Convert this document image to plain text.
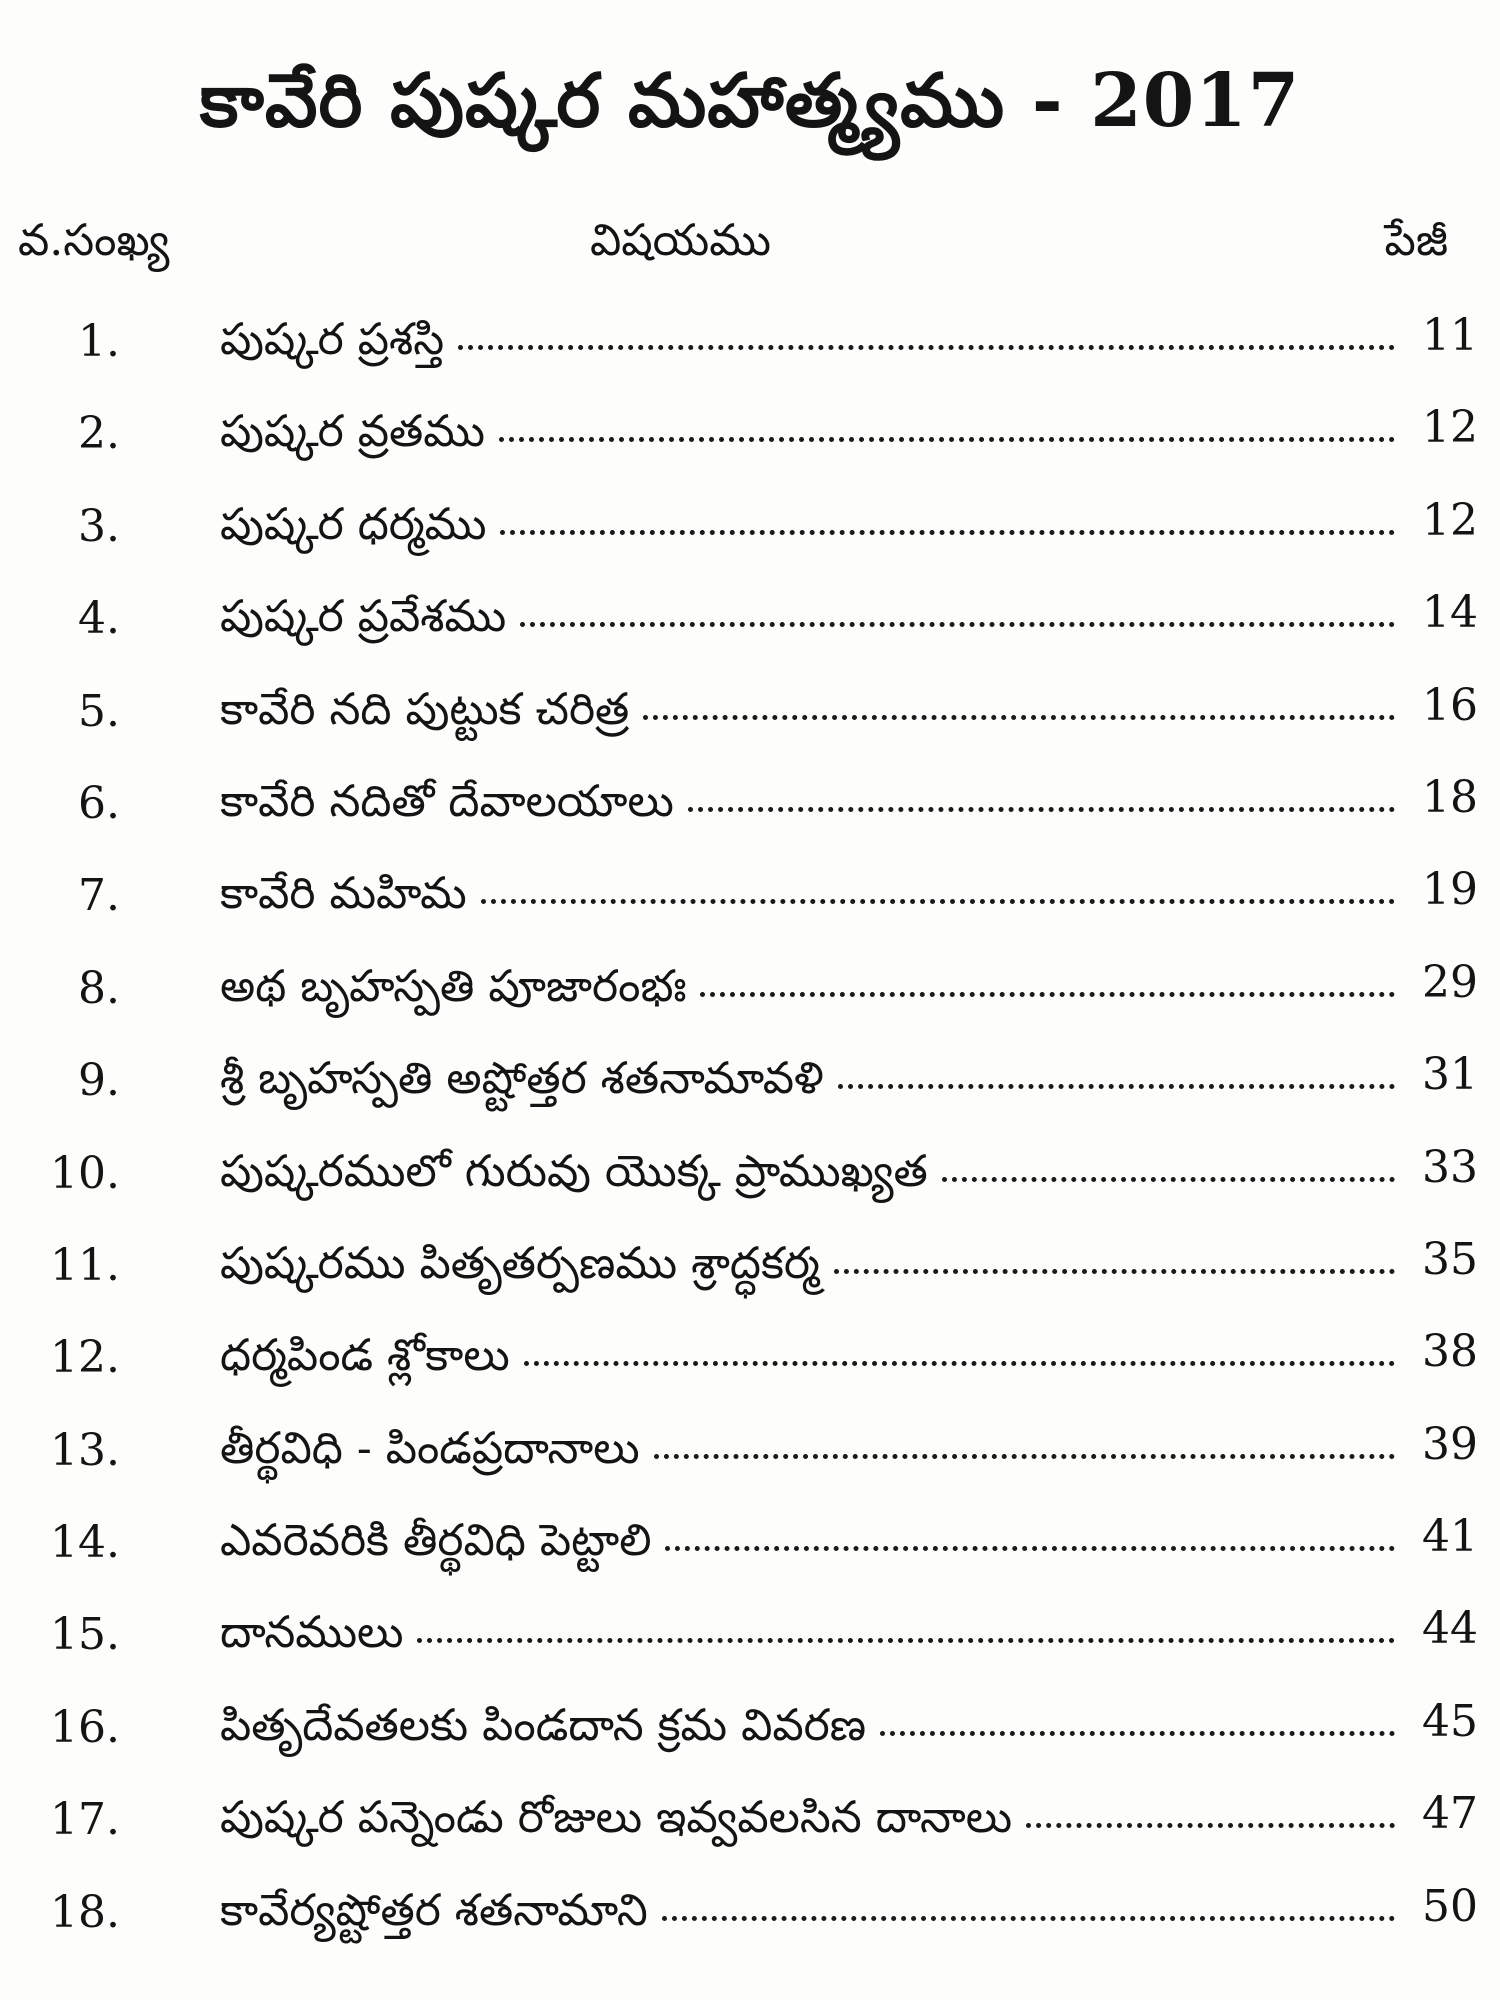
కావేరి పుష్కర మహాత్మ్యము - 2017
వ.సంఖ్య	విషయము	పేజీ
1. పుష్కర ప్రశస్తి	11
2. పుష్కర వ్రతము	12
3. పుష్కర ధర్మము	12
4. పుష్కర ప్రవేశము	14
5. కావేరి నది పుట్టుక చరిత్ర	16
6. కావేరి నదితో దేవాలయాలు	18
7. కావేరి మహిమ	19
8. అథ బృహస్పతి పూజారంభః	29
9. శ్రీ బృహస్పతి అష్టోత్తర శతనామావళి	31
10. పుష్కరములో గురువు యొక్క ప్రాముఖ్యత	33
11. పుష్కరము పితృతర్పణము శ్రాద్ధకర్మ	35
12. ధర్మపిండ శ్లోకాలు	38
13. తీర్థవిధి - పిండప్రదానాలు	39
14. ఎవరెవరికి తీర్థవిధి పెట్టాలి	41
15. దానములు	44
16. పితృదేవతలకు పిండదాన క్రమ వివరణ	45
17. పుష్కర పన్నెండు రోజులు ఇవ్వవలసిన దానాలు	47
18. కావేర్యష్టోత్తర శతనామాని	50
